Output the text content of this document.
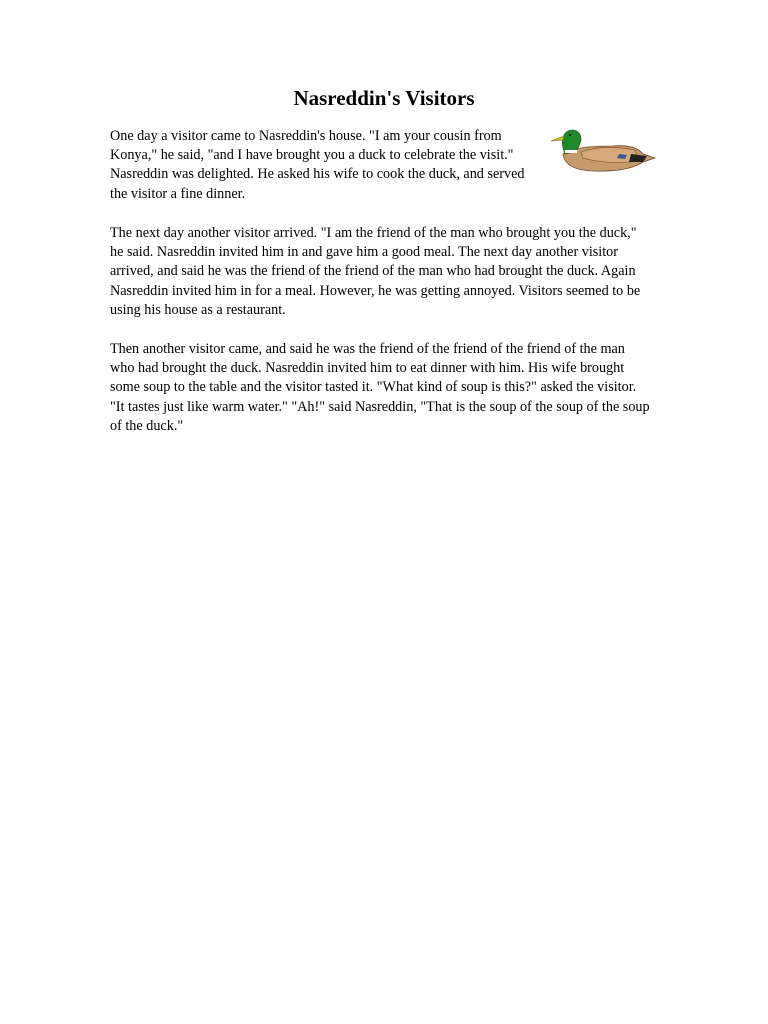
Nasreddin's Visitors

One day a visitor came to Nasreddin's house. "I am your cousin from Konya," he said, "and I have brought you a duck to celebrate the visit." Nasreddin was delighted. He asked his wife to cook the duck, and served the visitor a fine dinner.

The next day another visitor arrived. "I am the friend of the man who brought you the duck," he said. Nasreddin invited him in and gave him a good meal. The next day another visitor arrived, and said he was the friend of the friend of the man who had brought the duck. Again Nasreddin invited him in for a meal. However, he was getting annoyed. Visitors seemed to be using his house as a restaurant.

Then another visitor came, and said he was the friend of the friend of the friend of the man who had brought the duck. Nasreddin invited him to eat dinner with him. His wife brought some soup to the table and the visitor tasted it. "What kind of soup is this?" asked the visitor. "It tastes just like warm water." "Ah!" said Nasreddin, "That is the soup of the soup of the soup of the duck."
